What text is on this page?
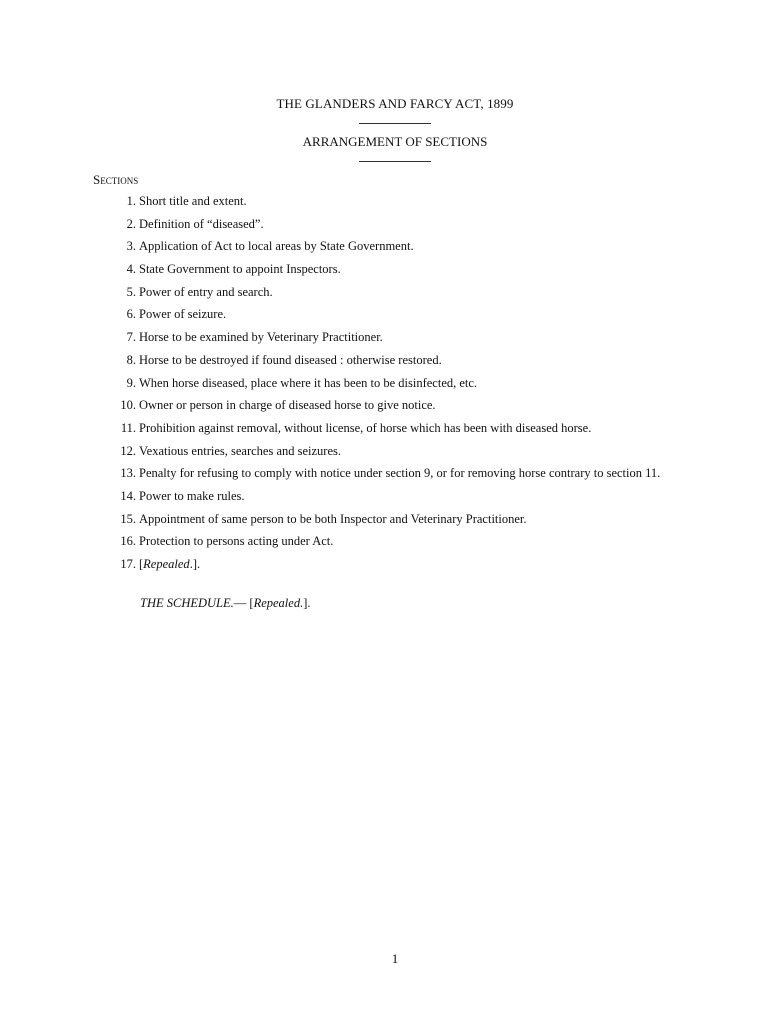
THE GLANDERS AND FARCY ACT, 1899
ARRANGEMENT OF SECTIONS
Sections
1. Short title and extent.
2. Definition of “diseased”.
3. Application of Act to local areas by State Government.
4. State Government to appoint Inspectors.
5. Power of entry and search.
6. Power of seizure.
7. Horse to be examined by Veterinary Practitioner.
8. Horse to be destroyed if found diseased : otherwise restored.
9. When horse diseased, place where it has been to be disinfected, etc.
10. Owner or person in charge of diseased horse to give notice.
11. Prohibition against removal, without license, of horse which has been with diseased horse.
12. Vexatious entries, searches and seizures.
13. Penalty for refusing to comply with notice under section 9, or for removing horse contrary to section 11.
14. Power to make rules.
15. Appointment of same person to be both Inspector and Veterinary Practitioner.
16. Protection to persons acting under Act.
17. [Repealed.].
THE SCHEDULE.— [Repealed.].
1
